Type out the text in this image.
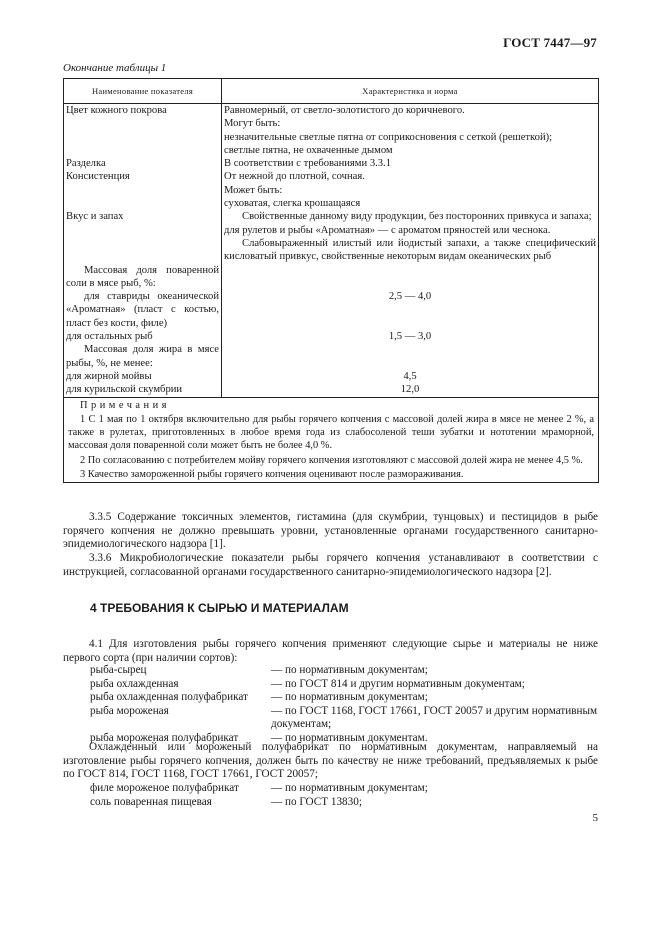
ГОСТ 7447—97
Окончание таблицы 1
Наименование показателя	Характеристика и норма
Цвет кожного покрова	Равномерный, от светло-золотистого до коричневого.
	Могут быть:
	незначительные светлые пятна от соприкосновения с сеткой (решеткой);
	светлые пятна, не охваченные дымом
Разделка	В соответствии с требованиями 3.3.1
Консистенция	От нежной до плотной, сочная.
	Может быть:
	суховатая, слегка крошащаяся
Вкус и запах	Свойственные данному виду продукции, без посторонних привкуса и запаха;
	для рулетов и рыбы «Ароматная» — с ароматом пряностей или чеснока.
	Слабовыраженный илистый или йодистый запахи, а также специфический кисловатый привкус, свойственные некоторым видам океанических рыб
Массовая доля поваренной соли в мясе рыб, %:	
для ставриды океанической «Ароматная» (пласт с костью, пласт без кости, филе)	2,5 — 4,0
для остальных рыб	1,5 — 3,0
Массовая доля жира в мясе рыбы, %, не менее:	
для жирной мойвы	4,5
для курильской скумбрии	12,0

Примечания
1 С 1 мая по 1 октября включительно для рыбы горячего копчения с массовой долей жира в мясе не менее 2 %, а также в рулетах, приготовленных в любое время года из слабосоленой теши зубатки и нототении мраморной, массовая доля поваренной соли может быть не более 4,0 %.
2 По согласованию с потребителем мойву горячего копчения изготовляют с массовой долей жира не менее 4,5 %.
3 Качество замороженной рыбы горячего копчения оценивают после размораживания.	

3.3.5 Содержание токсичных элементов, гистамина (для скумбрии, тунцовых) и пестицидов в рыбе горячего копчения не должно превышать уровни, установленные органами государственного санитарно-эпидемиологического надзора [1].

3.3.6 Микробиологические показатели рыбы горячего копчения устанавливают в соответствии с инструкцией, согласованной органами государственного санитарно-эпидемиологического надзора [2].

4 ТРЕБОВАНИЯ К СЫРЬЮ И МАТЕРИАЛАМ

4.1 Для изготовления рыбы горячего копчения применяют следующие сырье и материалы не ниже первого сорта (при наличии сортов):

рыба-сырец	— по нормативным документам;
рыба охлажденная	— по ГОСТ 814 и другим нормативным документам;
рыба охлажденная полуфабрикат	— по нормативным документам;
рыба мороженая	— по ГОСТ 1168, ГОСТ 17661, ГОСТ 20057 и другим нормативным документам;
рыба мороженая полуфабрикат	— по нормативным документам.

Охлажденный или мороженый полуфабрикат по нормативным документам, направляемый на изготовление рыбы горячего копчения, должен быть по качеству не ниже требований, предъявляемых к рыбе по ГОСТ 814, ГОСТ 1168, ГОСТ 17661, ГОСТ 20057;

филе мороженое полуфабрикат	— по нормативным документам;
соль поваренная пищевая	— по ГОСТ 13830;
5
